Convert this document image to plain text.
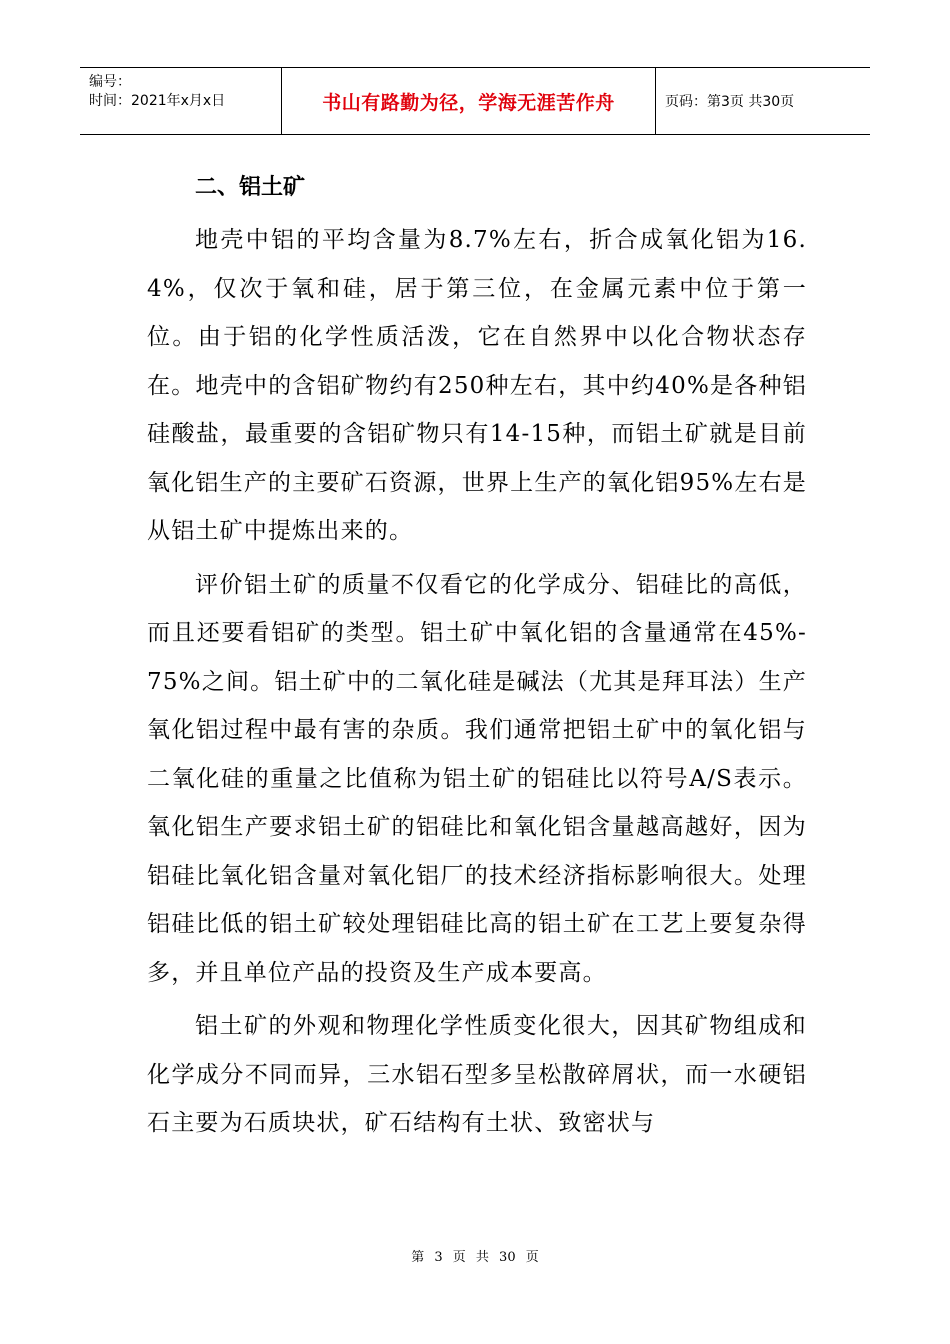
编号：
时间：2021年x月x日	书山有路勤为径，学海无涯苦作舟	页码：第3页 共30页
二、铝土矿

地壳中铝的平均含量为8.7%左右，折合成氧化铝为16.4%，仅次于氧和硅，居于第三位，在金属元素中位于第一位。由于铝的化学性质活泼，它在自然界中以化合物状态存在。地壳中的含铝矿物约有250种左右，其中约40%是各种铝硅酸盐，最重要的含铝矿物只有14-15种，而铝土矿就是目前氧化铝生产的主要矿石资源，世界上生产的氧化铝95%左右是从铝土矿中提炼出来的。

评价铝土矿的质量不仅看它的化学成分、铝硅比的高低，而且还要看铝矿的类型。铝土矿中氧化铝的含量通常在45%-75%之间。铝土矿中的二氧化硅是碱法（尤其是拜耳法）生产氧化铝过程中最有害的杂质。我们通常把铝土矿中的氧化铝与二氧化硅的重量之比值称为铝土矿的铝硅比以符号A/S表示。氧化铝生产要求铝土矿的铝硅比和氧化铝含量越高越好，因为铝硅比氧化铝含量对氧化铝厂的技术经济指标影响很大。处理铝硅比低的铝土矿较处理铝硅比高的铝土矿在工艺上要复杂得多，并且单位产品的投资及生产成本要高。

铝土矿的外观和物理化学性质变化很大，因其矿物组成和化学成分不同而异，三水铝石型多呈松散碎屑状，而一水硬铝石主要为石质块状，矿石结构有土状、致密状与

第 3 页 共 30 页
